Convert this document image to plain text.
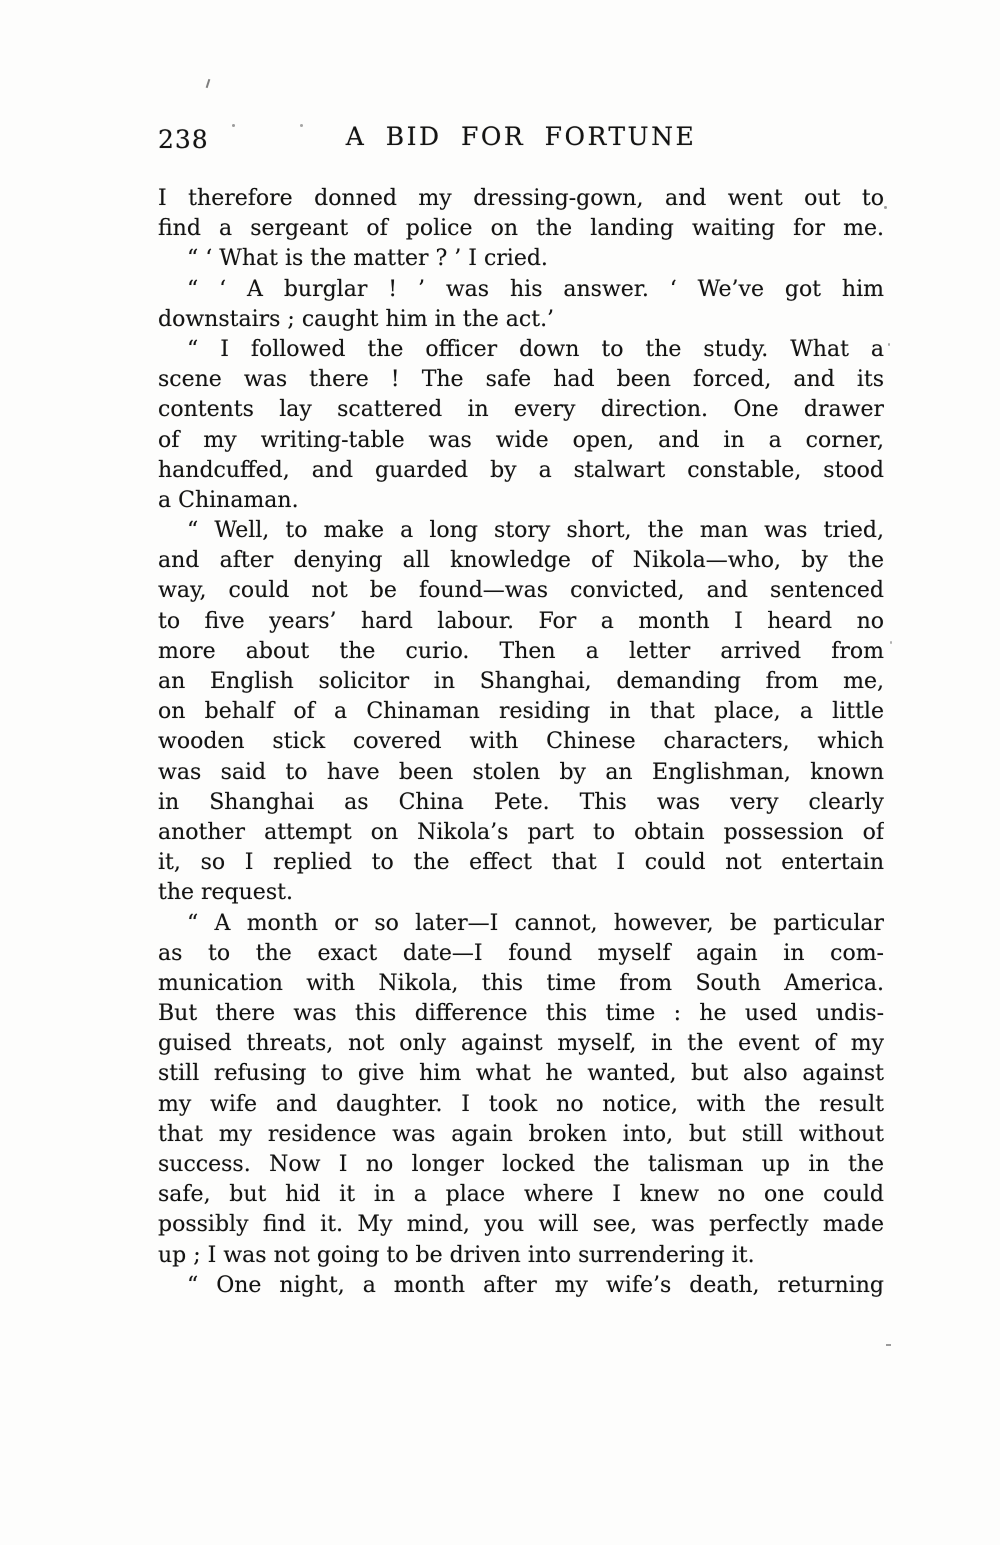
238	A BID FOR FORTUNE
I therefore donned my dressing-gown, and went out to
find a sergeant of police on the landing waiting for me.
“ ‘ What is the matter ? ’ I cried.
“ ‘ A burglar ! ’ was his answer. ‘ We’ve got him
downstairs ; caught him in the act.’
“ I followed the officer down to the study. What a
scene was there ! The safe had been forced, and its
contents lay scattered in every direction. One drawer
of my writing-table was wide open, and in a corner,
handcuffed, and guarded by a stalwart constable, stood
a Chinaman.
“ Well, to make a long story short, the man was tried,
and after denying all knowledge of Nikola—who, by the
way, could not be found—was convicted, and sentenced
to five years’ hard labour. For a month I heard no
more about the curio. Then a letter arrived from
an English solicitor in Shanghai, demanding from me,
on behalf of a Chinaman residing in that place, a little
wooden stick covered with Chinese characters, which
was said to have been stolen by an Englishman, known
in Shanghai as China Pete. This was very clearly
another attempt on Nikola’s part to obtain possession of
it, so I replied to the effect that I could not entertain
the request.
“ A month or so later—I cannot, however, be particular
as to the exact date—I found myself again in com-
munication with Nikola, this time from South America.
But there was this difference this time : he used undis-
guised threats, not only against myself, in the event of my
still refusing to give him what he wanted, but also against
my wife and daughter. I took no notice, with the result
that my residence was again broken into, but still without
success. Now I no longer locked the talisman up in the
safe, but hid it in a place where I knew no one could
possibly find it. My mind, you will see, was perfectly made
up ; I was not going to be driven into surrendering it.
“ One night, a month after my wife’s death, returning
